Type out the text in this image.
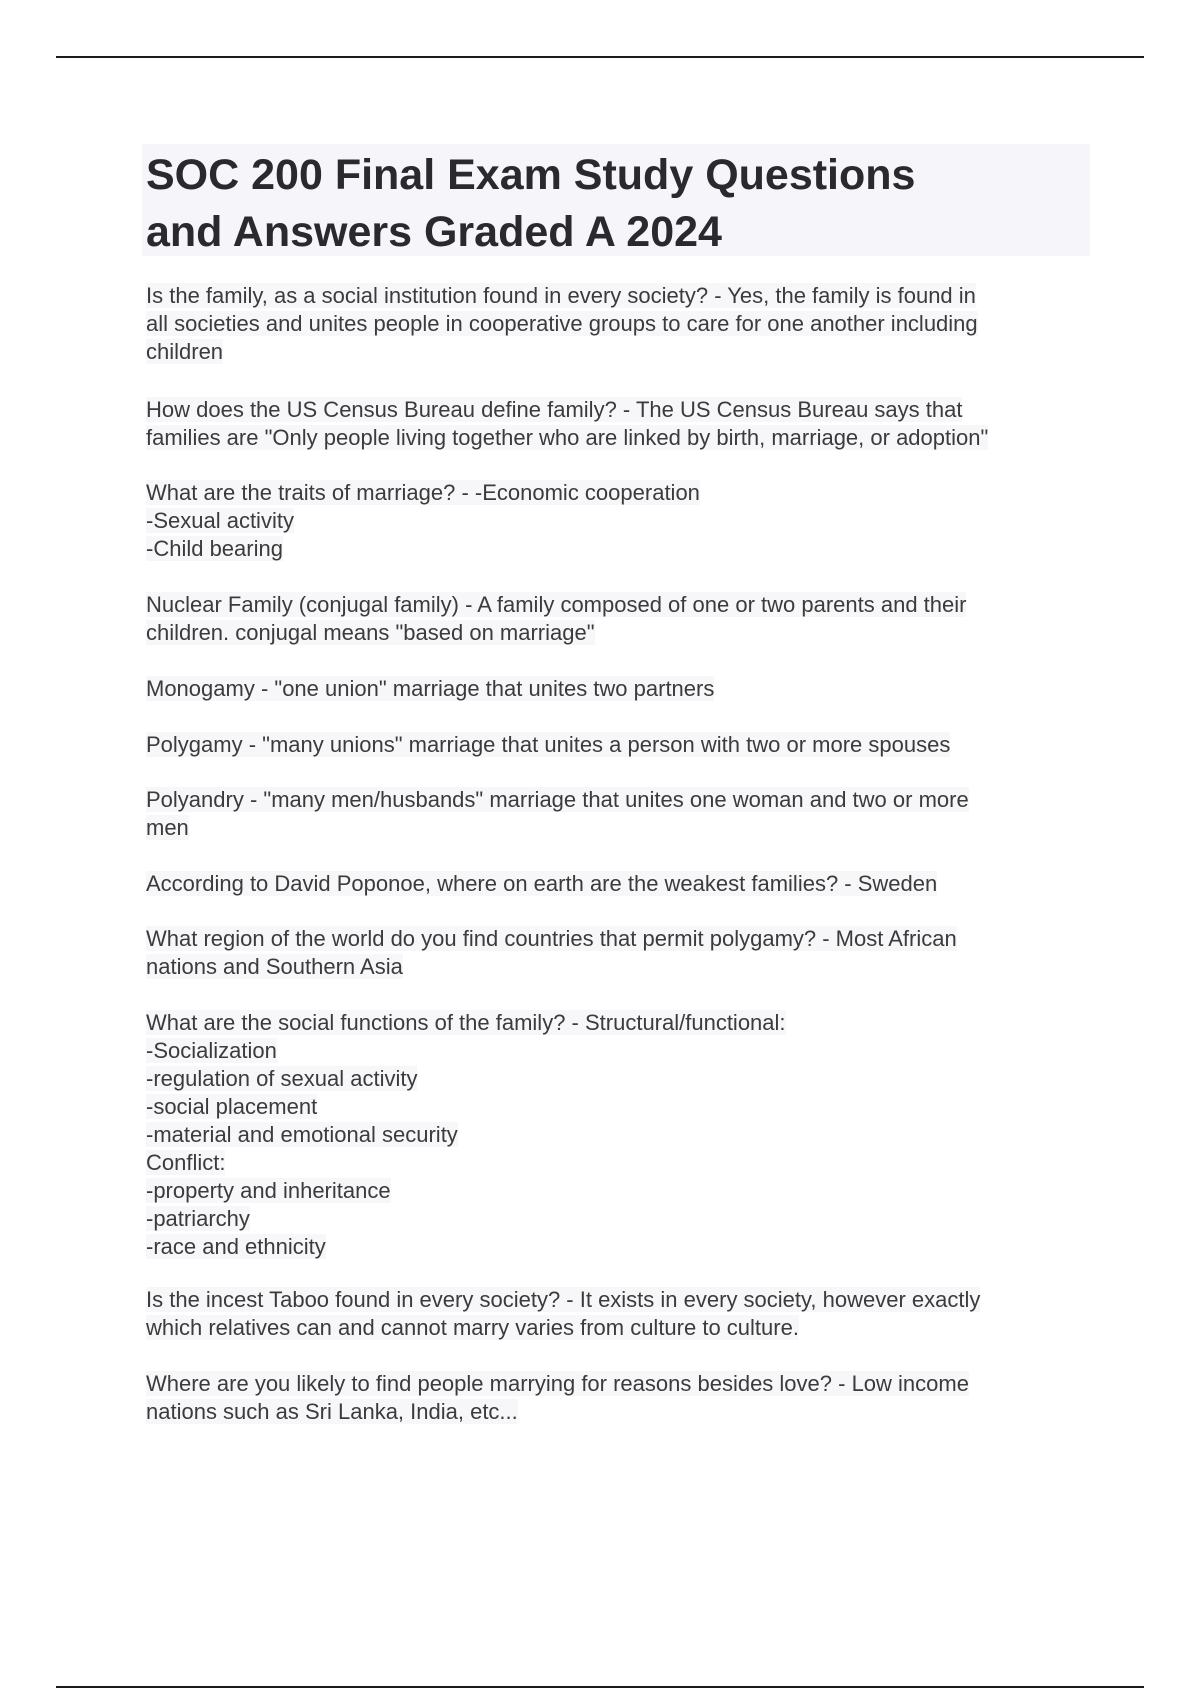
SOC 200 Final Exam Study Questions
and Answers Graded A 2024
Is the family, as a social institution found in every society? - Yes, the family is found in
all societies and unites people in cooperative groups to care for one another including
children
How does the US Census Bureau define family? - The US Census Bureau says that
families are "Only people living together who are linked by birth, marriage, or adoption"
What are the traits of marriage? - -Economic cooperation
-Sexual activity
-Child bearing
Nuclear Family (conjugal family) - A family composed of one or two parents and their
children. conjugal means "based on marriage"
Monogamy - "one union" marriage that unites two partners
Polygamy - "many unions" marriage that unites a person with two or more spouses
Polyandry - "many men/husbands" marriage that unites one woman and two or more
men
According to David Poponoe, where on earth are the weakest families? - Sweden
What region of the world do you find countries that permit polygamy? - Most African
nations and Southern Asia
What are the social functions of the family? - Structural/functional:
-Socialization
-regulation of sexual activity
-social placement
-material and emotional security
Conflict:
-property and inheritance
-patriarchy
-race and ethnicity
Is the incest Taboo found in every society? - It exists in every society, however exactly
which relatives can and cannot marry varies from culture to culture.
Where are you likely to find people marrying for reasons besides love? - Low income
nations such as Sri Lanka, India, etc...
